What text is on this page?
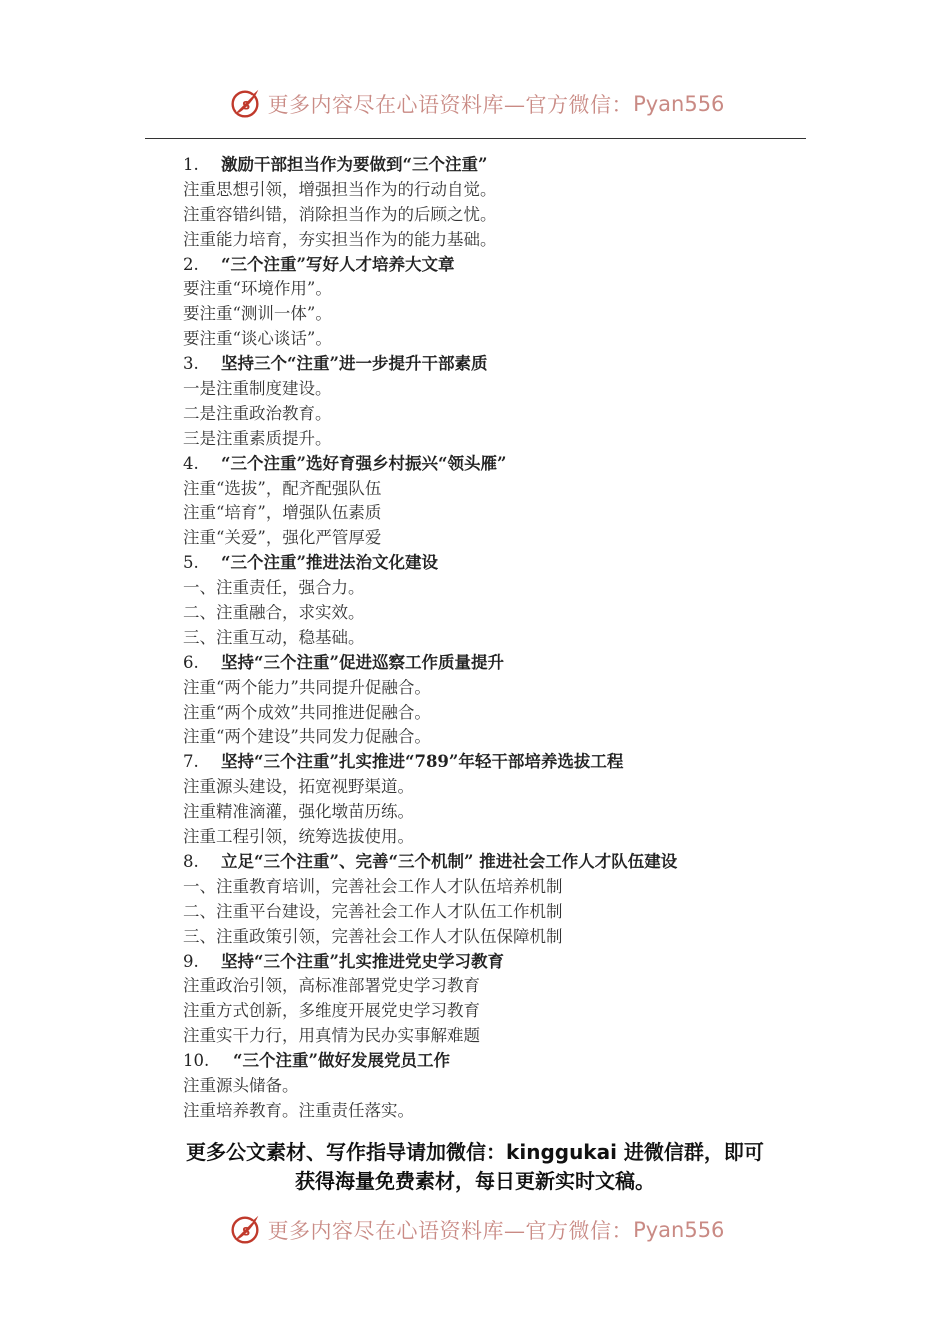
S 更多内容尽在心语资料库—官方微信： Pyan556
1. 激励干部担当作为要做到“三个注重”
注重思想引领，增强担当作为的行动自觉。
注重容错纠错，消除担当作为的后顾之忧。
注重能力培育，夯实担当作为的能力基础。
2. “三个注重”写好人才培养大文章
要注重“环境作用”。
要注重“测训一体”。
要注重“谈心谈话”。
3. 坚持三个“注重”进一步提升干部素质
一是注重制度建设。
二是注重政治教育。
三是注重素质提升。
4. “三个注重”选好育强乡村振兴“领头雁”
注重“选拔”，配齐配强队伍
注重“培育”，增强队伍素质
注重“关爱”，强化严管厚爱
5. “三个注重”推进法治文化建设
一、注重责任，强合力。
二、注重融合，求实效。
三、注重互动，稳基础。
6. 坚持“三个注重”促进巡察工作质量提升
注重“两个能力”共同提升促融合。
注重“两个成效”共同推进促融合。
注重“两个建设”共同发力促融合。
7. 坚持“三个注重”扎实推进“789”年轻干部培养选拔工程
注重源头建设，拓宽视野渠道。
注重精准滴灌，强化墩苗历练。
注重工程引领，统筹选拔使用。
8. 立足“三个注重”、完善“三个机制” 推进社会工作人才队伍建设
一、注重教育培训，完善社会工作人才队伍培养机制
二、注重平台建设，完善社会工作人才队伍工作机制
三、注重政策引领，完善社会工作人才队伍保障机制
9. 坚持“三个注重”扎实推进党史学习教育
注重政治引领，高标准部署党史学习教育
注重方式创新，多维度开展党史学习教育
注重实干力行，用真情为民办实事解难题
10. “三个注重”做好发展党员工作
注重源头储备。
注重培养教育。注重责任落实。
更多公文素材、写作指导请加微信：kinggukai 进微信群，即可
获得海量免费素材，每日更新实时文稿。
S 更多内容尽在心语资料库—官方微信： Pyan556
